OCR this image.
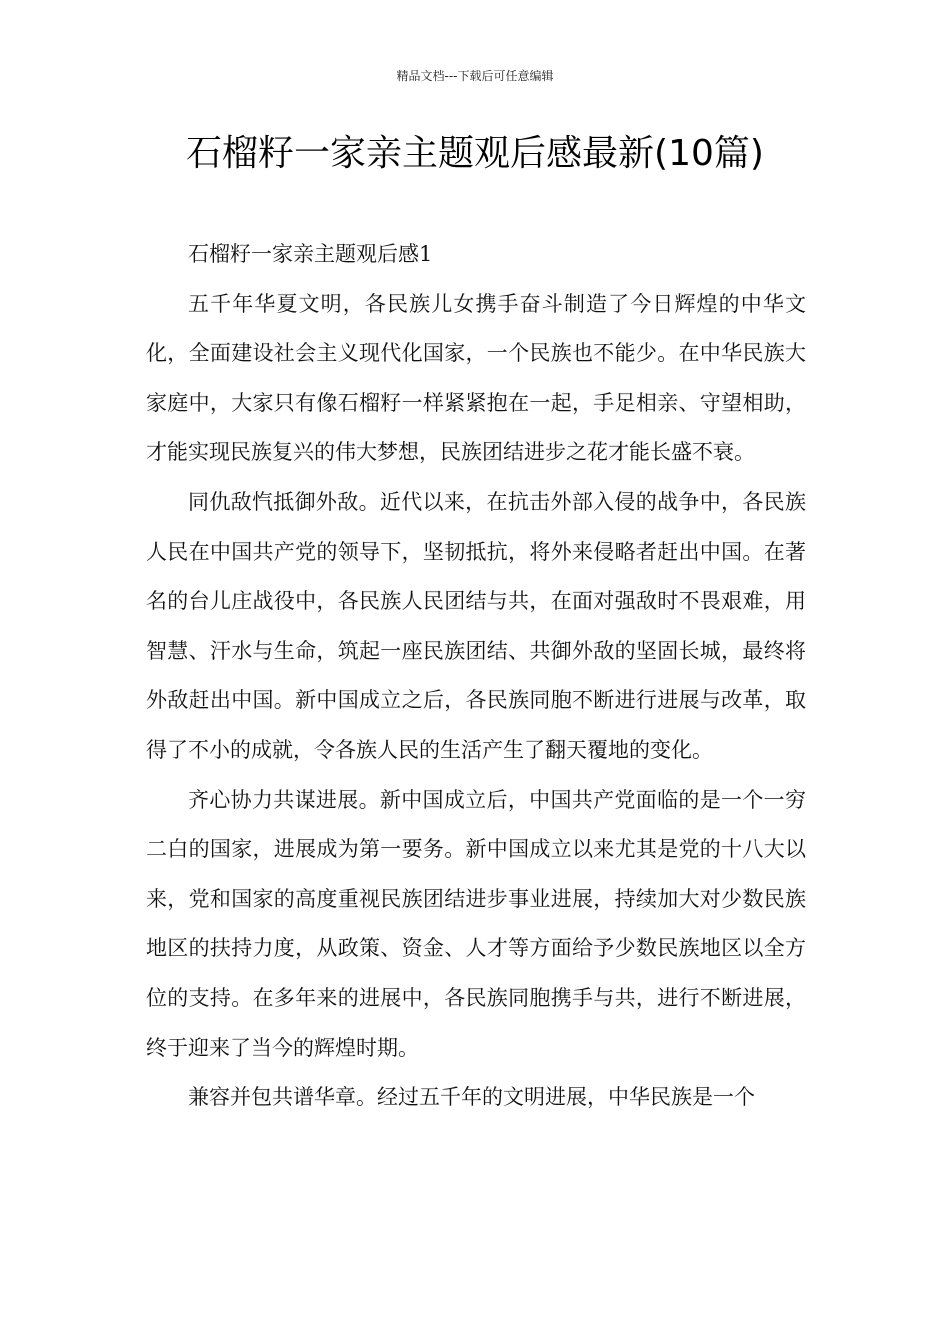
精品文档---下载后可任意编辑
石榴籽一家亲主题观后感最新(10篇)
石榴籽一家亲主题观后感1

五千年华夏文明，各民族儿女携手奋斗制造了今日辉煌的中华文化，全面建设社会主义现代化国家，一个民族也不能少。在中华民族大家庭中，大家只有像石榴籽一样紧紧抱在一起，手足相亲、守望相助，才能实现民族复兴的伟大梦想，民族团结进步之花才能长盛不衰。

同仇敌忾抵御外敌。近代以来，在抗击外部入侵的战争中，各民族人民在中国共产党的领导下，坚韧抵抗，将外来侵略者赶出中国。在著名的台儿庄战役中，各民族人民团结与共，在面对强敌时不畏艰难，用智慧、汗水与生命，筑起一座民族团结、共御外敌的坚固长城，最终将外敌赶出中国。新中国成立之后，各民族同胞不断进行进展与改革，取得了不小的成就，令各族人民的生活产生了翻天覆地的变化。

齐心协力共谋进展。新中国成立后，中国共产党面临的是一个一穷二白的国家，进展成为第一要务。新中国成立以来尤其是党的十八大以来，党和国家的高度重视民族团结进步事业进展，持续加大对少数民族地区的扶持力度，从政策、资金、人才等方面给予少数民族地区以全方位的支持。在多年来的进展中，各民族同胞携手与共，进行不断进展，终于迎来了当今的辉煌时期。

兼容并包共谱华章。经过五千年的文明进展，中华民族是一个
